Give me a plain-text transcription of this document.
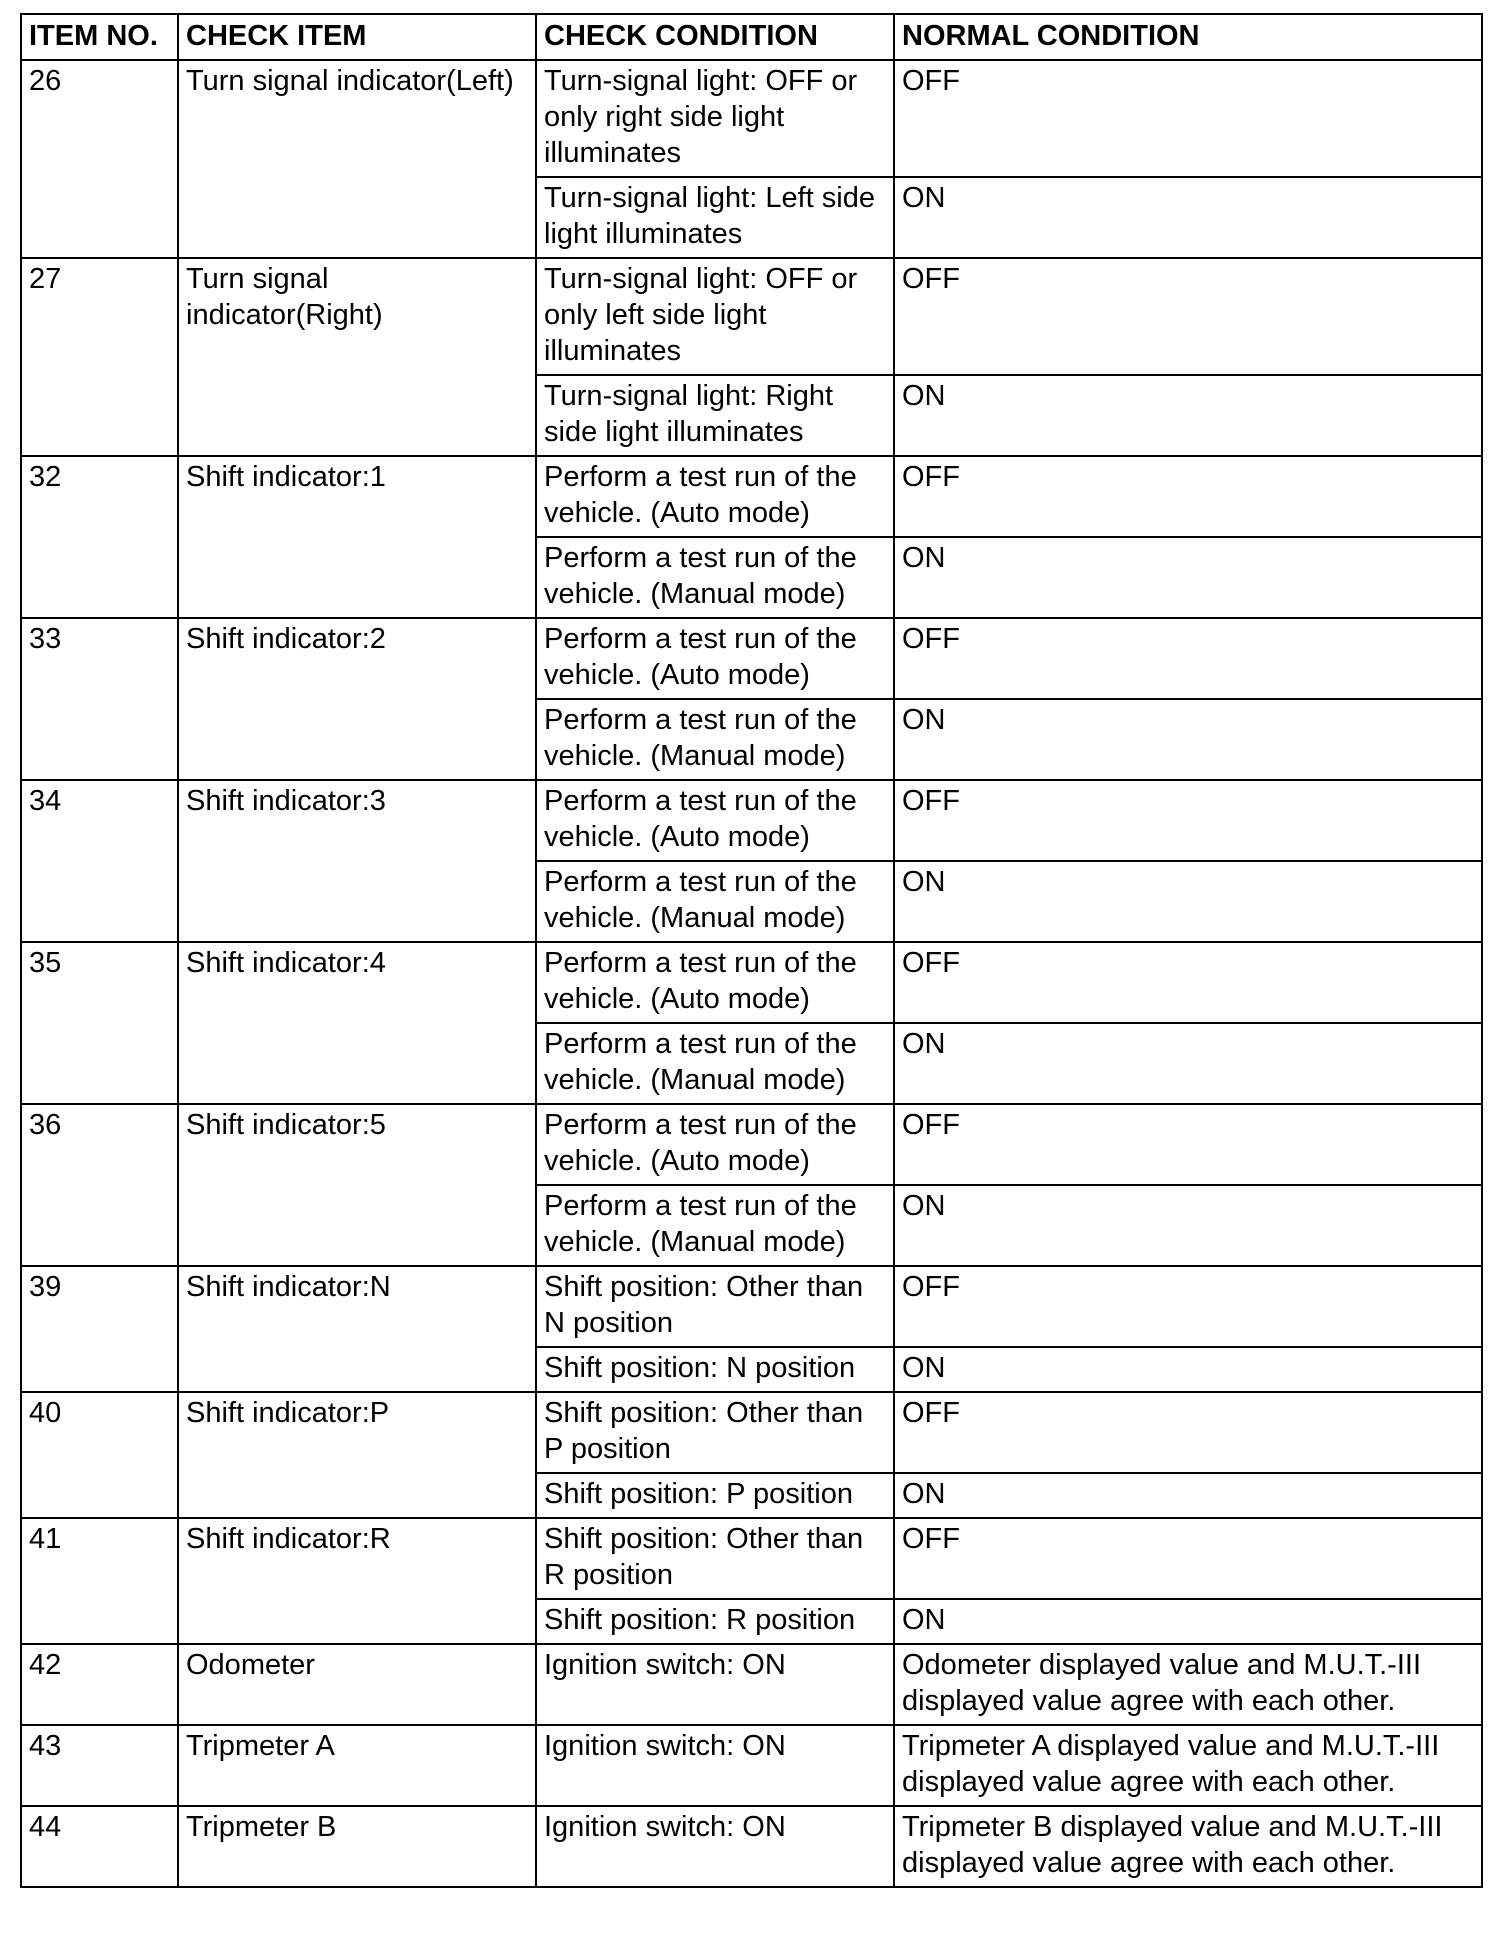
ITEM NO.	CHECK ITEM	CHECK CONDITION	NORMAL CONDITION
26	Turn signal indicator(Left)	Turn-signal light: OFF or only right side light illuminates	OFF
		Turn-signal light: Left side light illuminates	ON
27	Turn signal indicator(Right)	Turn-signal light: OFF or only left side light illuminates	OFF
		Turn-signal light: Right side light illuminates	ON
32	Shift indicator:1	Perform a test run of the vehicle. (Auto mode)	OFF
		Perform a test run of the vehicle. (Manual mode)	ON
33	Shift indicator:2	Perform a test run of the vehicle. (Auto mode)	OFF
		Perform a test run of the vehicle. (Manual mode)	ON
34	Shift indicator:3	Perform a test run of the vehicle. (Auto mode)	OFF
		Perform a test run of the vehicle. (Manual mode)	ON
35	Shift indicator:4	Perform a test run of the vehicle. (Auto mode)	OFF
		Perform a test run of the vehicle. (Manual mode)	ON
36	Shift indicator:5	Perform a test run of the vehicle. (Auto mode)	OFF
		Perform a test run of the vehicle. (Manual mode)	ON
39	Shift indicator:N	Shift position: Other than N position	OFF
		Shift position: N position	ON
40	Shift indicator:P	Shift position: Other than P position	OFF
		Shift position: P position	ON
41	Shift indicator:R	Shift position: Other than R position	OFF
		Shift position: R position	ON
42	Odometer	Ignition switch: ON	Odometer displayed value and M.U.T.-III displayed value agree with each other.
43	Tripmeter A	Ignition switch: ON	Tripmeter A displayed value and M.U.T.-III displayed value agree with each other.
44	Tripmeter B	Ignition switch: ON	Tripmeter B displayed value and M.U.T.-III displayed value agree with each other.
